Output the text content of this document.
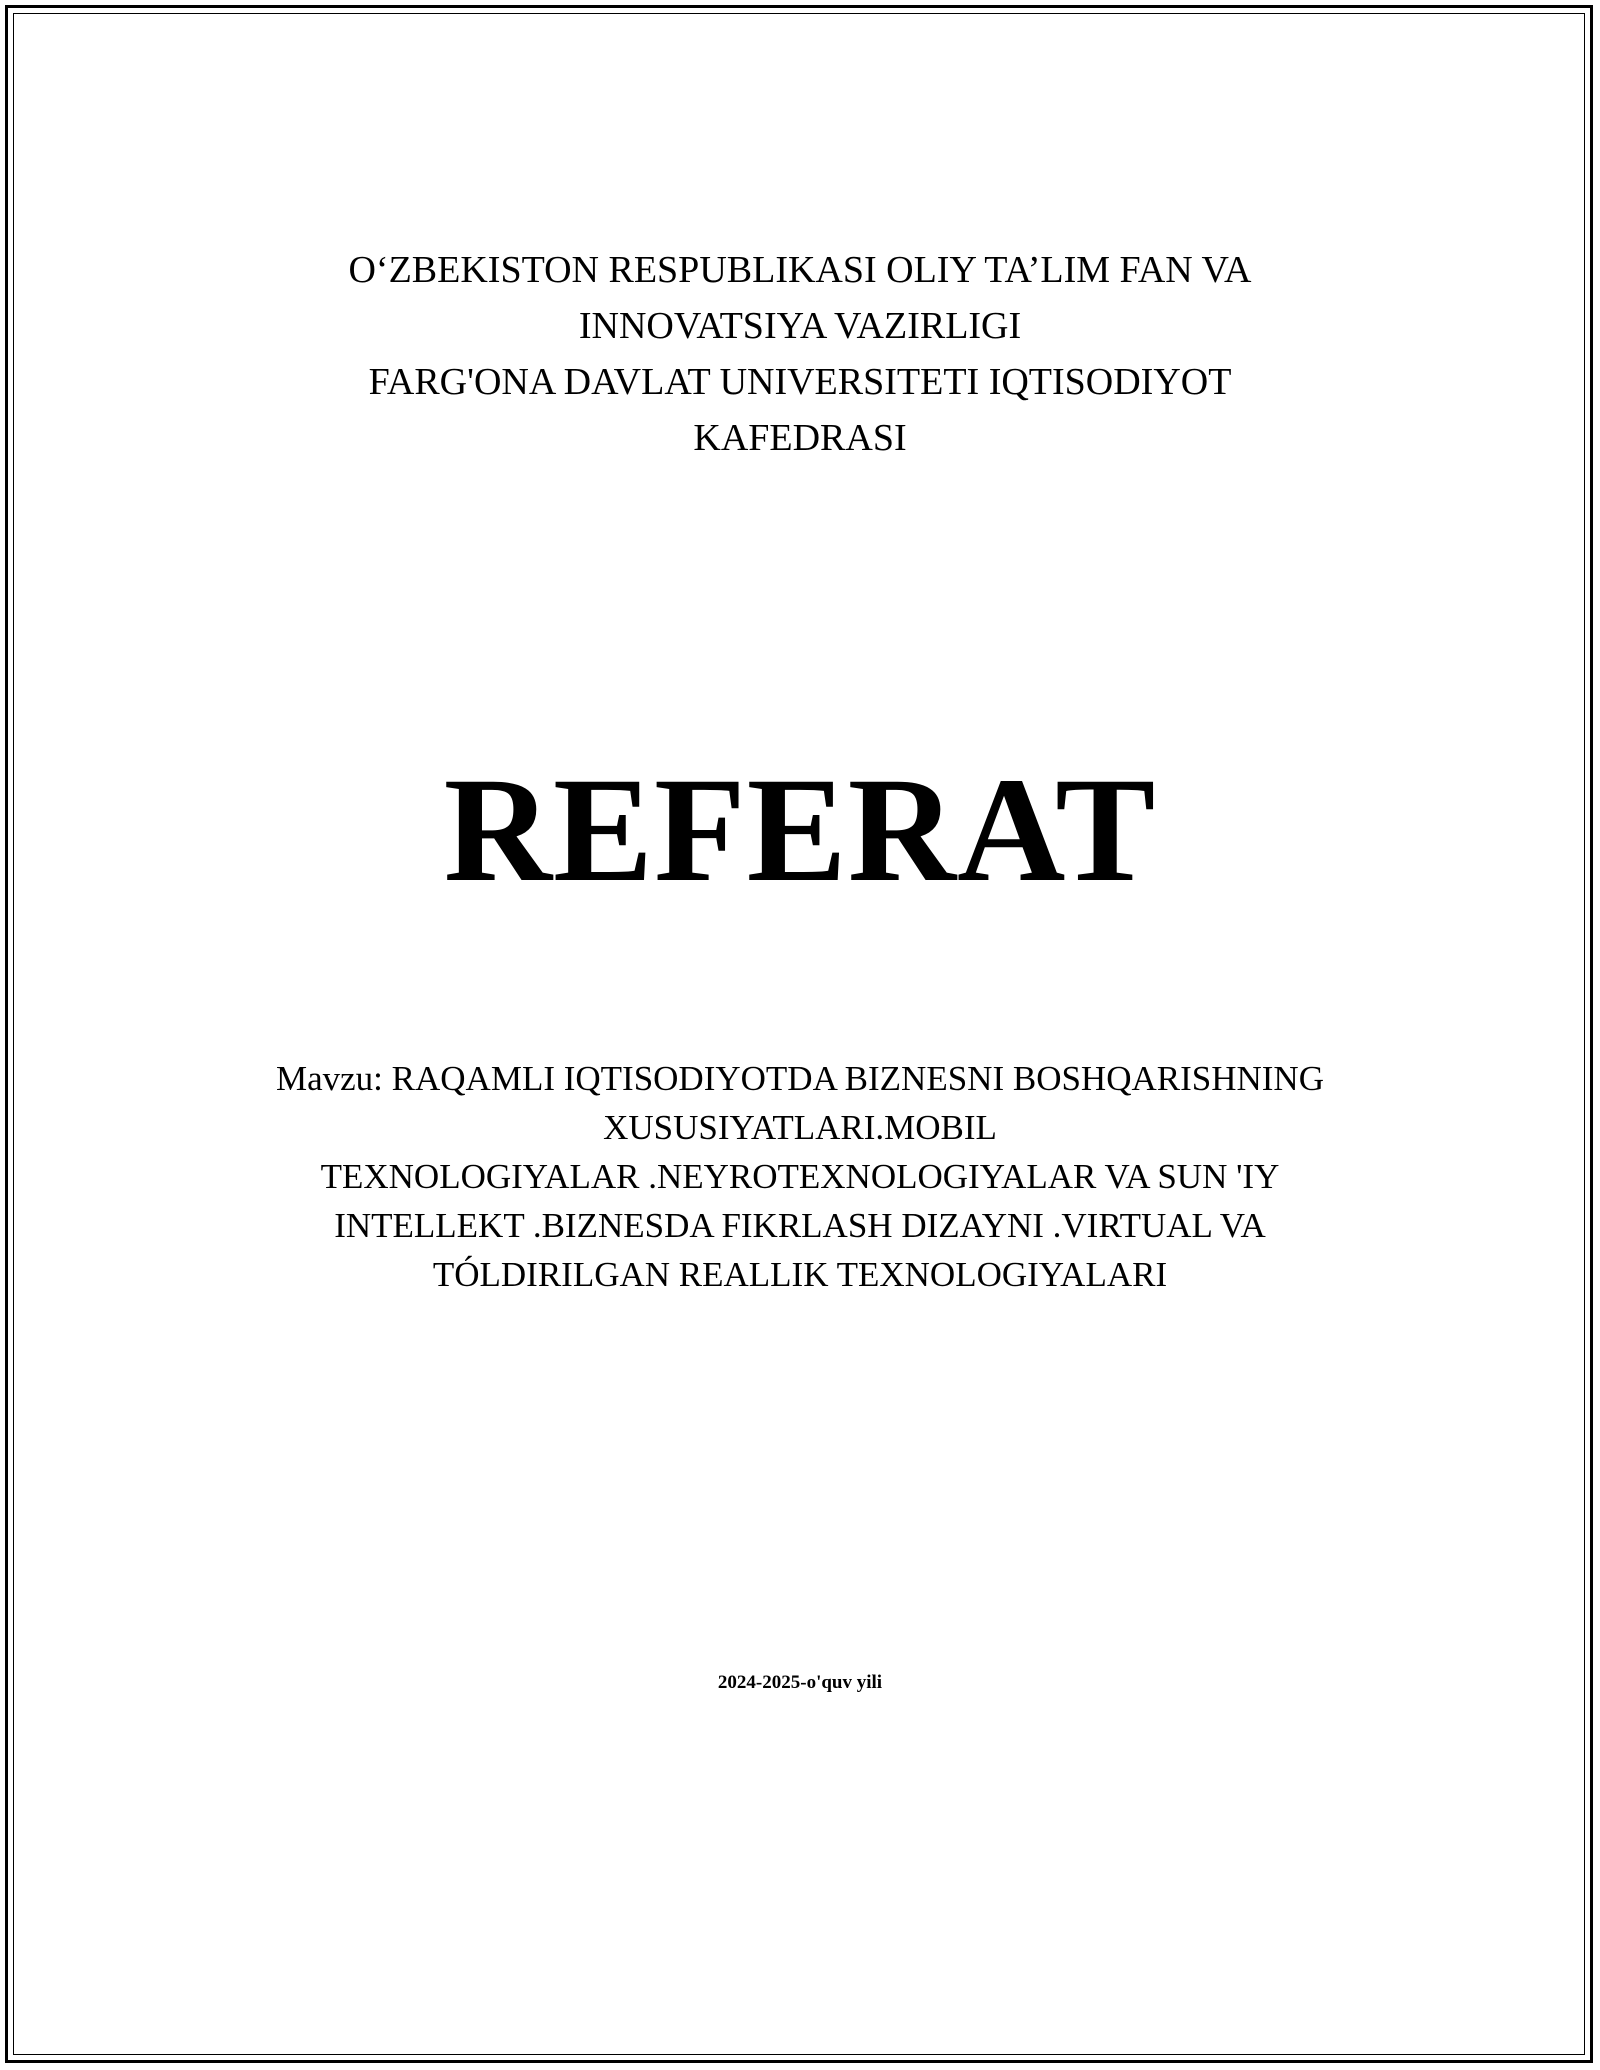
O‘ZBEKISTON RESPUBLIKASI OLIY TA’LIM FAN VA
INNOVATSIYA VAZIRLIGI
FARG'ONA DAVLAT UNIVERSITETI IQTISODIYOT
KAFEDRASI
REFERAT
Mavzu: RAQAMLI IQTISODIYOTDA BIZNESNI BOSHQARISHNING
XUSUSIYATLARI.MOBIL
TEXNOLOGIYALAR .NEYROTEXNOLOGIYALAR VA SUN 'IY
INTELLEKT .BIZNESDA FIKRLASH DIZAYNI .VIRTUAL VA
TÓLDIRILGAN REALLIK TEXNOLOGIYALARI
2024-2025-o'quv yili
